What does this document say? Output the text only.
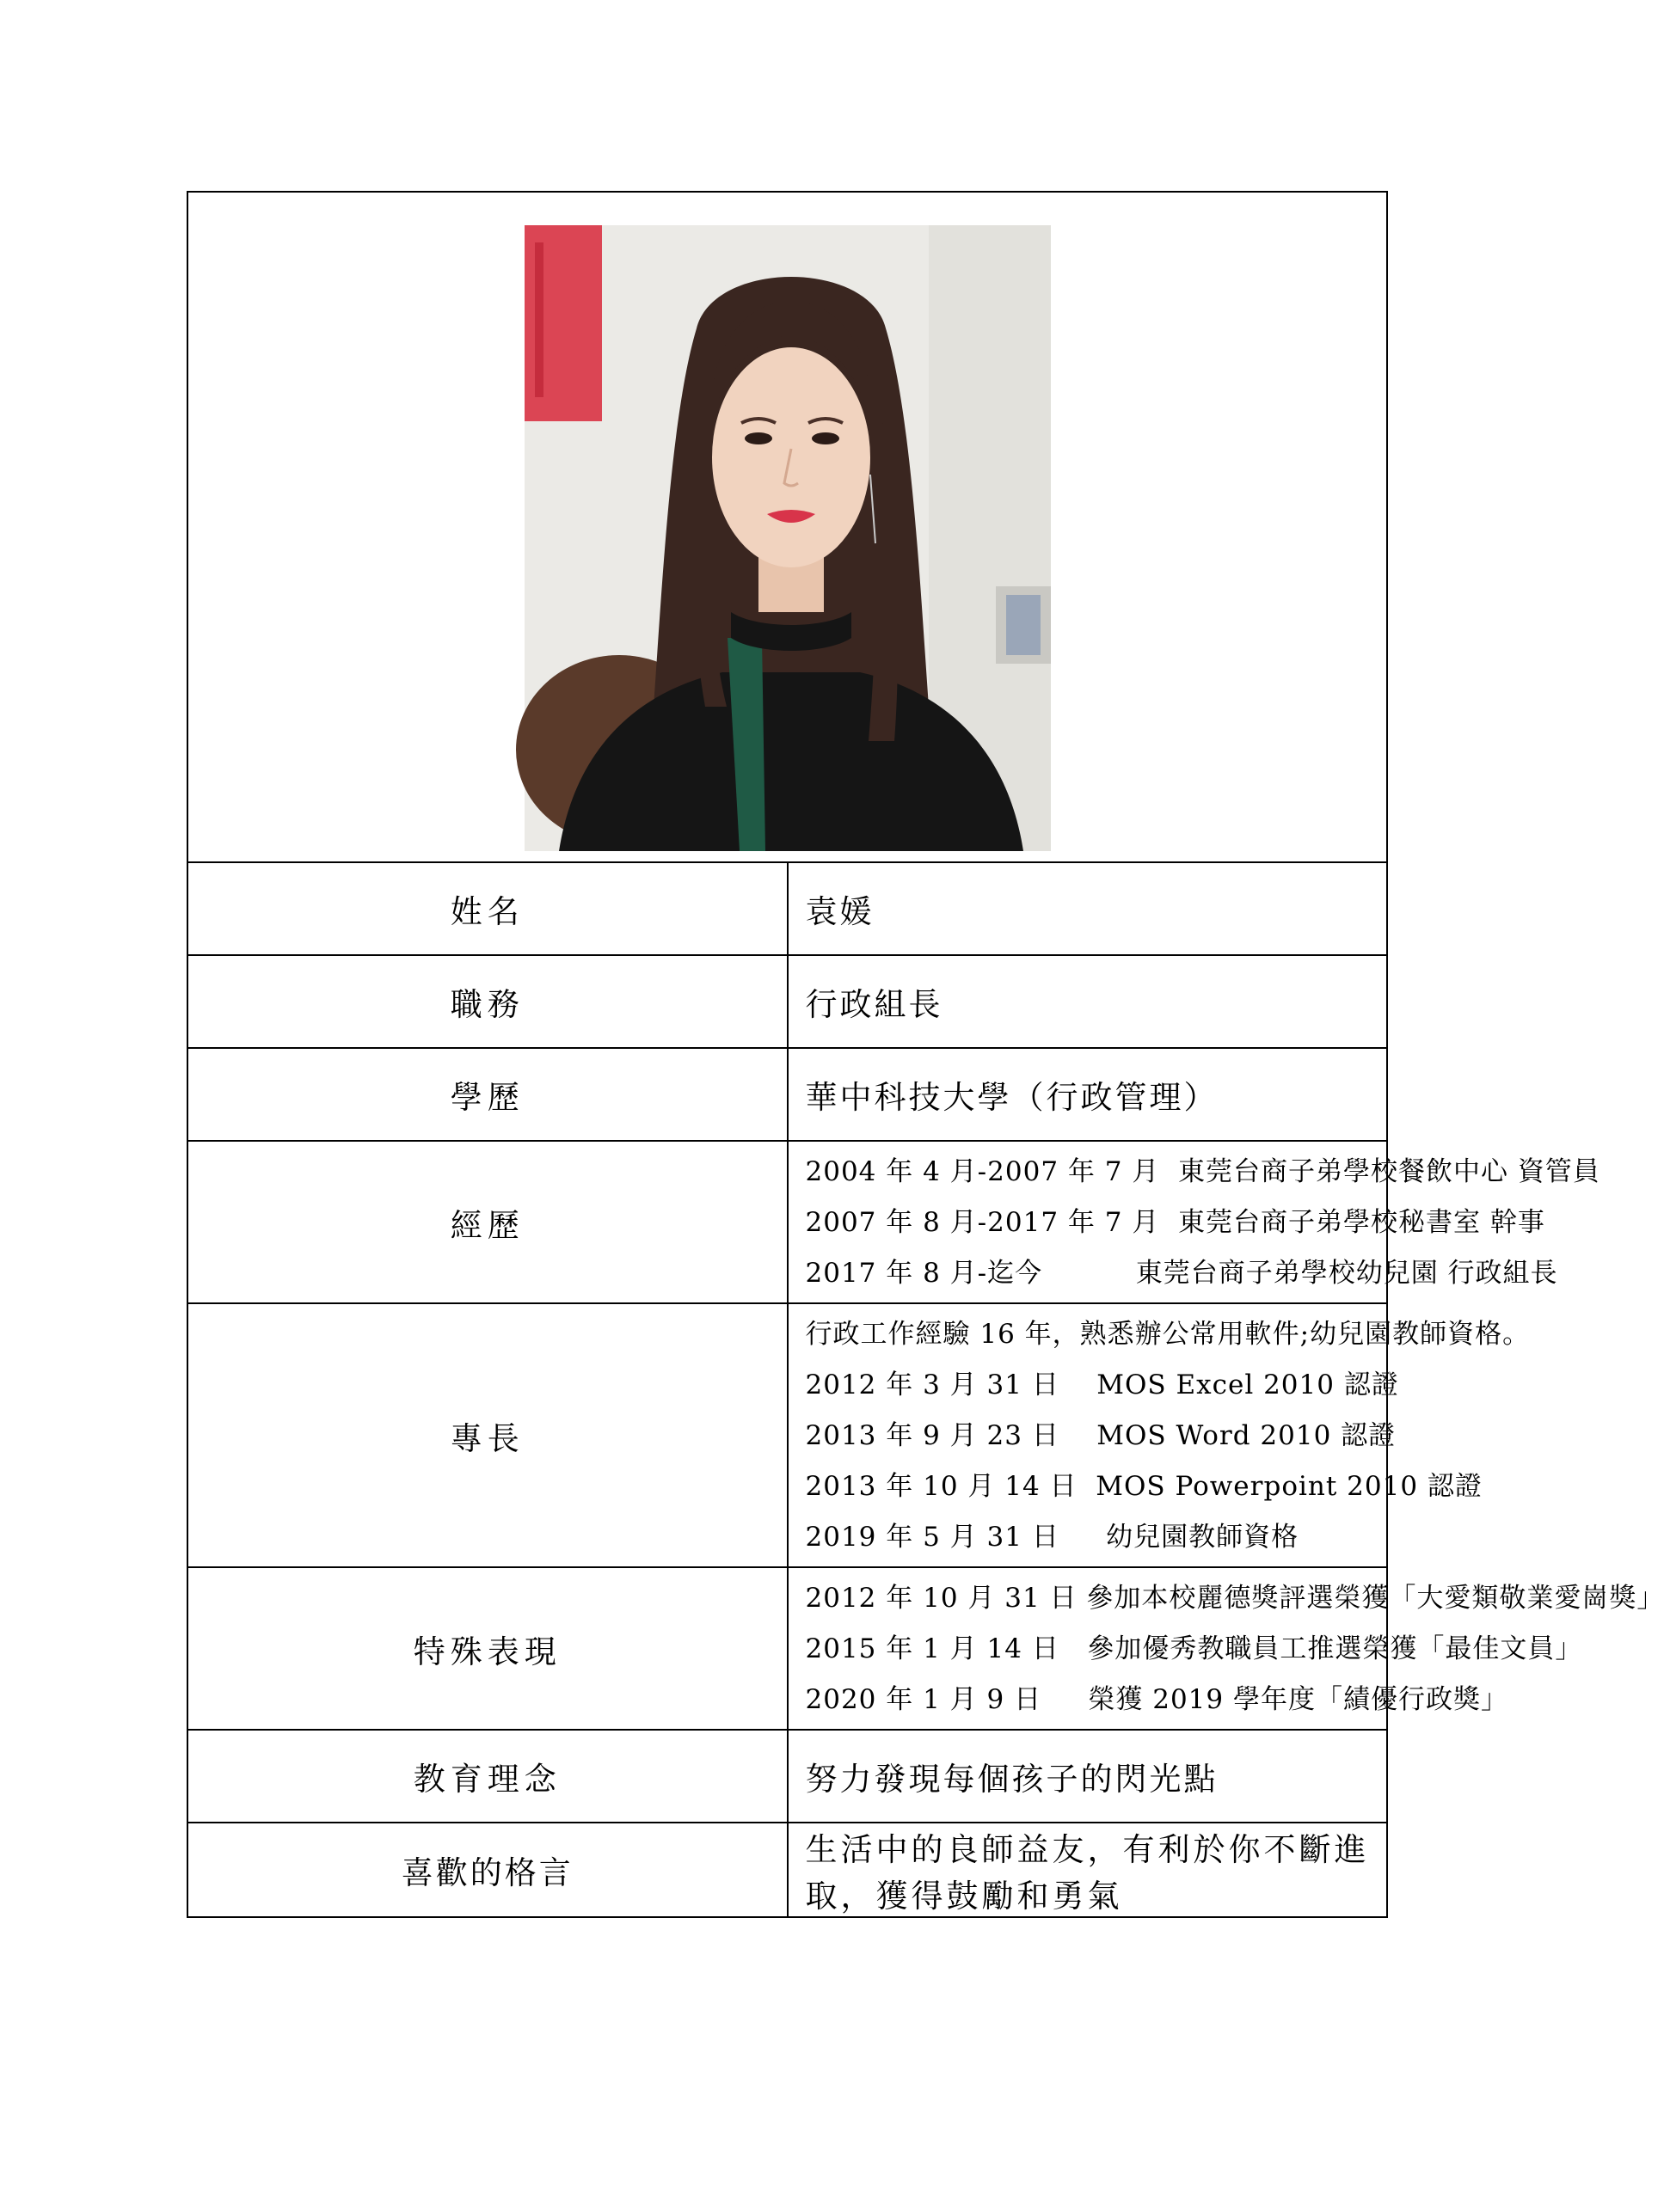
姓名	袁媛
職務	行政組長
學歷	華中科技大學（行政管理）
經歷	2004 年 4 月-2007 年 7 月  東莞台商子弟學校餐飲中心 資管員
2007 年 8 月-2017 年 7 月  東莞台商子弟學校秘書室 幹事
2017 年 8 月-迄今          東莞台商子弟學校幼兒園 行政組長

專長	行政工作經驗 16 年，熟悉辦公常用軟件;幼兒園教師資格。
2012 年 3 月 31 日    MOS Excel 2010 認證
2013 年 9 月 23 日    MOS Word 2010 認證
2013 年 10 月 14 日  MOS Powerpoint 2010 認證
2019 年 5 月 31 日     幼兒園教師資格

特殊表現	2012 年 10 月 31 日 參加本校麗德獎評選榮獲「大愛類敬業愛崗獎」
2015 年 1 月 14 日   參加優秀教職員工推選榮獲「最佳文員」
2020 年 1 月 9 日     榮獲 2019 學年度「績優行政獎」

教育理念	努力發現每個孩子的閃光點
喜歡的格言	生活中的良師益友，有利於你不斷進取，獲得鼓勵和勇氣
